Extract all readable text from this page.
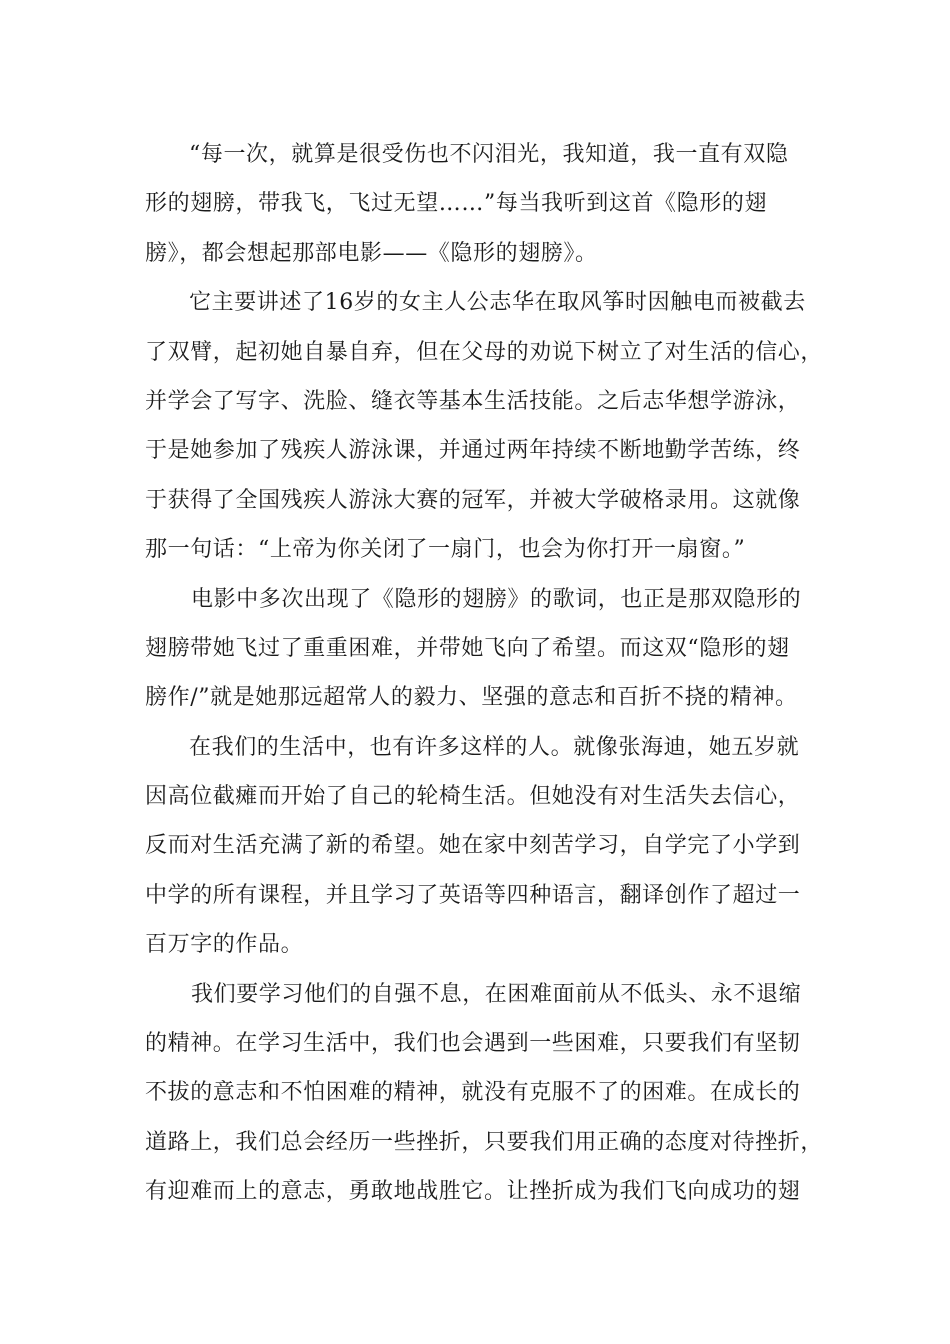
“每一次，就算是很受伤也不闪泪光，我知道，我一直有双隐
形的翅膀，带我飞，飞过无望……”每当我听到这首《隐形的翅
膀》，都会想起那部电影——《隐形的翅膀》。
它主要讲述了16岁的女主人公志华在取风筝时因触电而被截去
了双臂，起初她自暴自弃，但在父母的劝说下树立了对生活的信心，
并学会了写字、洗脸、缝衣等基本生活技能。之后志华想学游泳，
于是她参加了残疾人游泳课，并通过两年持续不断地勤学苦练，终
于获得了全国残疾人游泳大赛的冠军，并被大学破格录用。这就像
那一句话：“上帝为你关闭了一扇门，也会为你打开一扇窗。”
电影中多次出现了《隐形的翅膀》的歌词，也正是那双隐形的
翅膀带她飞过了重重困难，并带她飞向了希望。而这双“隐形的翅
膀作/”就是她那远超常人的毅力、坚强的意志和百折不挠的精神。
在我们的生活中，也有许多这样的人。就像张海迪，她五岁就
因高位截瘫而开始了自己的轮椅生活。但她没有对生活失去信心，
反而对生活充满了新的希望。她在家中刻苦学习，自学完了小学到
中学的所有课程，并且学习了英语等四种语言，翻译创作了超过一
百万字的作品。
我们要学习他们的自强不息，在困难面前从不低头、永不退缩
的精神。在学习生活中，我们也会遇到一些困难，只要我们有坚韧
不拔的意志和不怕困难的精神，就没有克服不了的困难。在成长的
道路上，我们总会经历一些挫折，只要我们用正确的态度对待挫折，
有迎难而上的意志，勇敢地战胜它。让挫折成为我们飞向成功的翅
